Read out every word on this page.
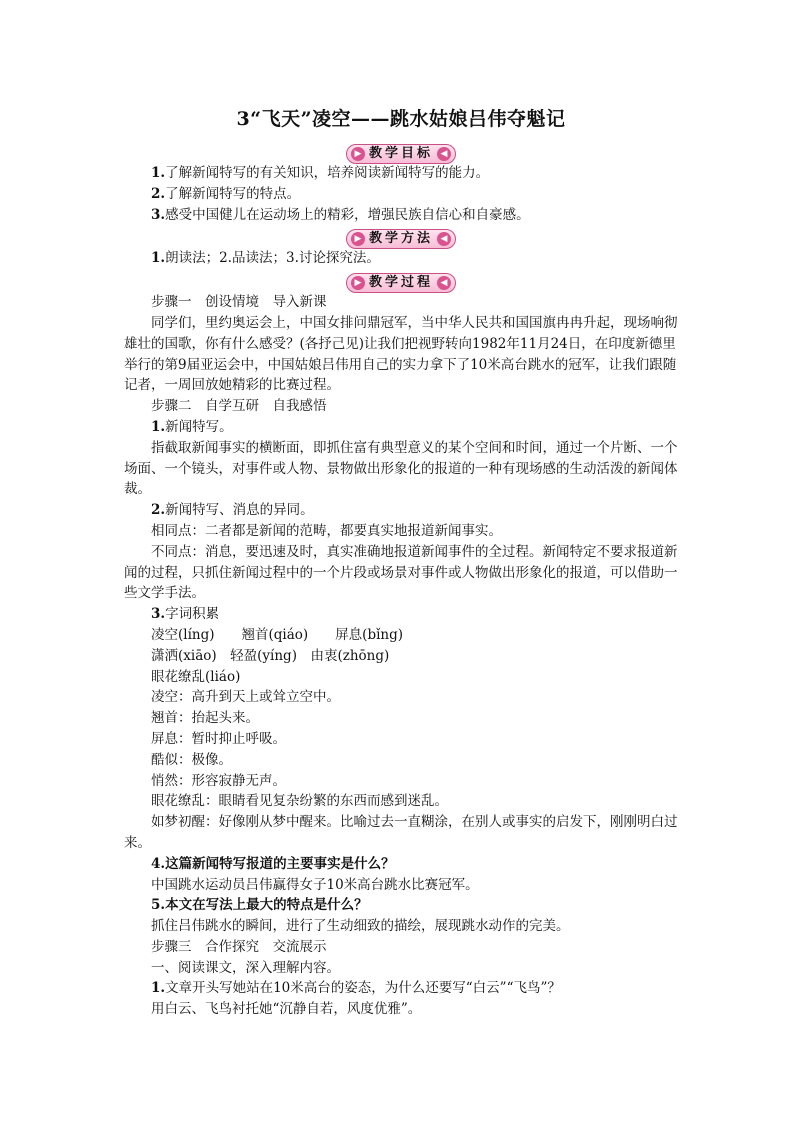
3“飞天”凌空——跳水姑娘吕伟夺魁记
▶ 教学目标 ◀

1.了解新闻特写的有关知识，培养阅读新闻特写的能力。

2.了解新闻特写的特点。

3.感受中国健儿在运动场上的精彩，增强民族自信心和自豪感。

▶ 教学方法 ◀

1.朗读法；2.品读法；3.讨论探究法。

▶ 教学过程 ◀

步骤一　创设情境　导入新课

同学们，里约奥运会上，中国女排问鼎冠军，当中华人民共和国国旗冉冉升起，现场响彻雄壮的国歌，你有什么感受？(各抒己见)让我们把视野转向1982年11月24日，在印度新德里举行的第9届亚运会中，中国姑娘吕伟用自己的实力拿下了10米高台跳水的冠军，让我们跟随记者，一周回放她精彩的比赛过程。

步骤二　自学互研　自我感悟

1.新闻特写。

指截取新闻事实的横断面，即抓住富有典型意义的某个空间和时间，通过一个片断、一个场面、一个镜头，对事件或人物、景物做出形象化的报道的一种有现场感的生动活泼的新闻体裁。

2.新闻特写、消息的异同。

相同点：二者都是新闻的范畴，都要真实地报道新闻事实。

不同点：消息，要迅速及时，真实准确地报道新闻事件的全过程。新闻特定不要求报道新闻的过程，只抓住新闻过程中的一个片段或场景对事件或人物做出形象化的报道，可以借助一些文学手法。

3.字词积累

凌空(líng)　　翘首(qiáo)　　屏息(bǐng)

潇洒(xiāo)　轻盈(yíng)　由衷(zhōng)

眼花缭乱(liáo)

凌空：高升到天上或耸立空中。

翘首：抬起头来。

屏息：暂时抑止呼吸。

酷似：极像。

悄然：形容寂静无声。

眼花缭乱：眼睛看见复杂纷繁的东西而感到迷乱。

如梦初醒：好像刚从梦中醒来。比喻过去一直糊涂，在别人或事实的启发下，刚刚明白过来。

4.这篇新闻特写报道的主要事实是什么？

中国跳水运动员吕伟赢得女子10米高台跳水比赛冠军。

5.本文在写法上最大的特点是什么？

抓住吕伟跳水的瞬间，进行了生动细致的描绘，展现跳水动作的完美。

步骤三　合作探究　交流展示

一、阅读课文，深入理解内容。

1.文章开头写她站在10米高台的姿态，为什么还要写“白云”“飞鸟”？

用白云、飞鸟衬托她“沉静自若，风度优雅”。
